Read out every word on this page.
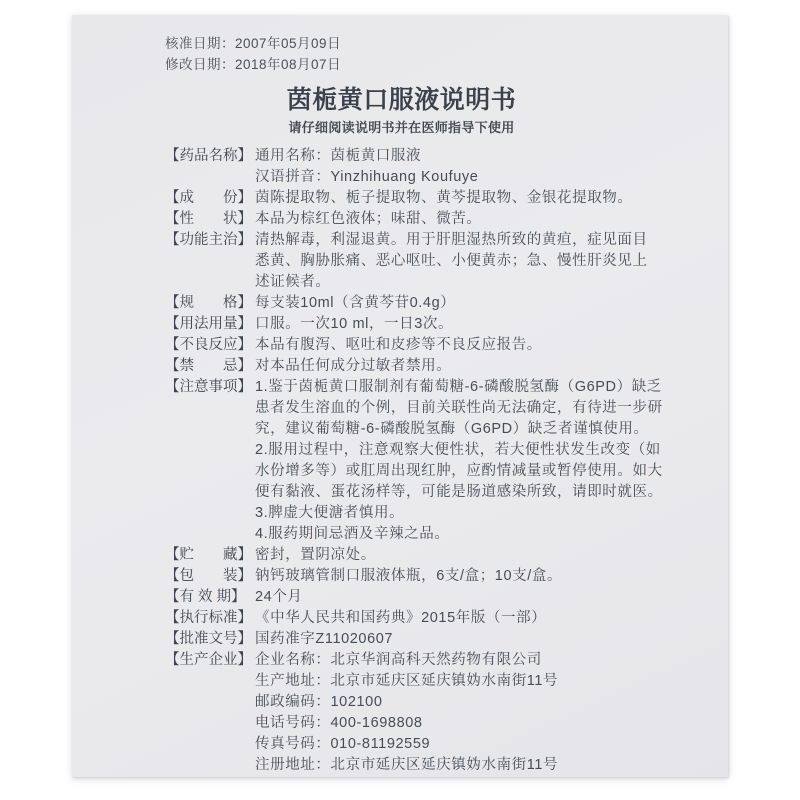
核准日期：2007年05月09日
修改日期：2018年08月07日
茵栀黄口服液说明书
请仔细阅读说明书并在医师指导下使用
【药品名称】 通用名称：茵栀黄口服液
汉语拼音：Yinzhihuang Koufuye
【成　　份】 茵陈提取物、栀子提取物、黄芩提取物、金银花提取物。
【性　　状】 本品为棕红色液体；味甜、微苦。
【功能主治】 清热解毒，利湿退黄。用于肝胆湿热所致的黄疸，症见面目
悉黄、胸胁胀痛、恶心呕吐、小便黄赤；急、慢性肝炎见上
述证候者。
【规　　格】 每支装10ml（含黄芩苷0.4g）
【用法用量】 口服。一次10 ml，一日3次。
【不良反应】 本品有腹泻、呕吐和皮疹等不良反应报告。
【禁　　忌】 对本品任何成分过敏者禁用。
【注意事项】 1.鉴于茵栀黄口服制剂有葡萄糖-6-磷酸脱氢酶（G6PD）缺乏
患者发生溶血的个例，目前关联性尚无法确定，有待进一步研
究，建议葡萄糖-6-磷酸脱氢酶（G6PD）缺乏者谨慎使用。
2.服用过程中，注意观察大便性状，若大便性状发生改变（如
水份增多等）或肛周出现红肿，应酌情减量或暂停使用。如大
便有黏液、蛋花汤样等，可能是肠道感染所致，请即时就医。
3.脾虚大便溏者慎用。
4.服药期间忌酒及辛辣之品。
【贮　　藏】 密封，置阴凉处。
【包　　装】 钠钙玻璃管制口服液体瓶，6支/盒；10支/盒。
【有 效 期】 24个月
【执行标准】 《中华人民共和国药典》2015年版（一部）
【批准文号】 国药准字Z11020607
【生产企业】 企业名称：北京华润高科天然药物有限公司
生产地址：北京市延庆区延庆镇妫水南街11号
邮政编码：102100
电话号码：400-1698808
传真号码：010-81192559
注册地址：北京市延庆区延庆镇妫水南街11号
